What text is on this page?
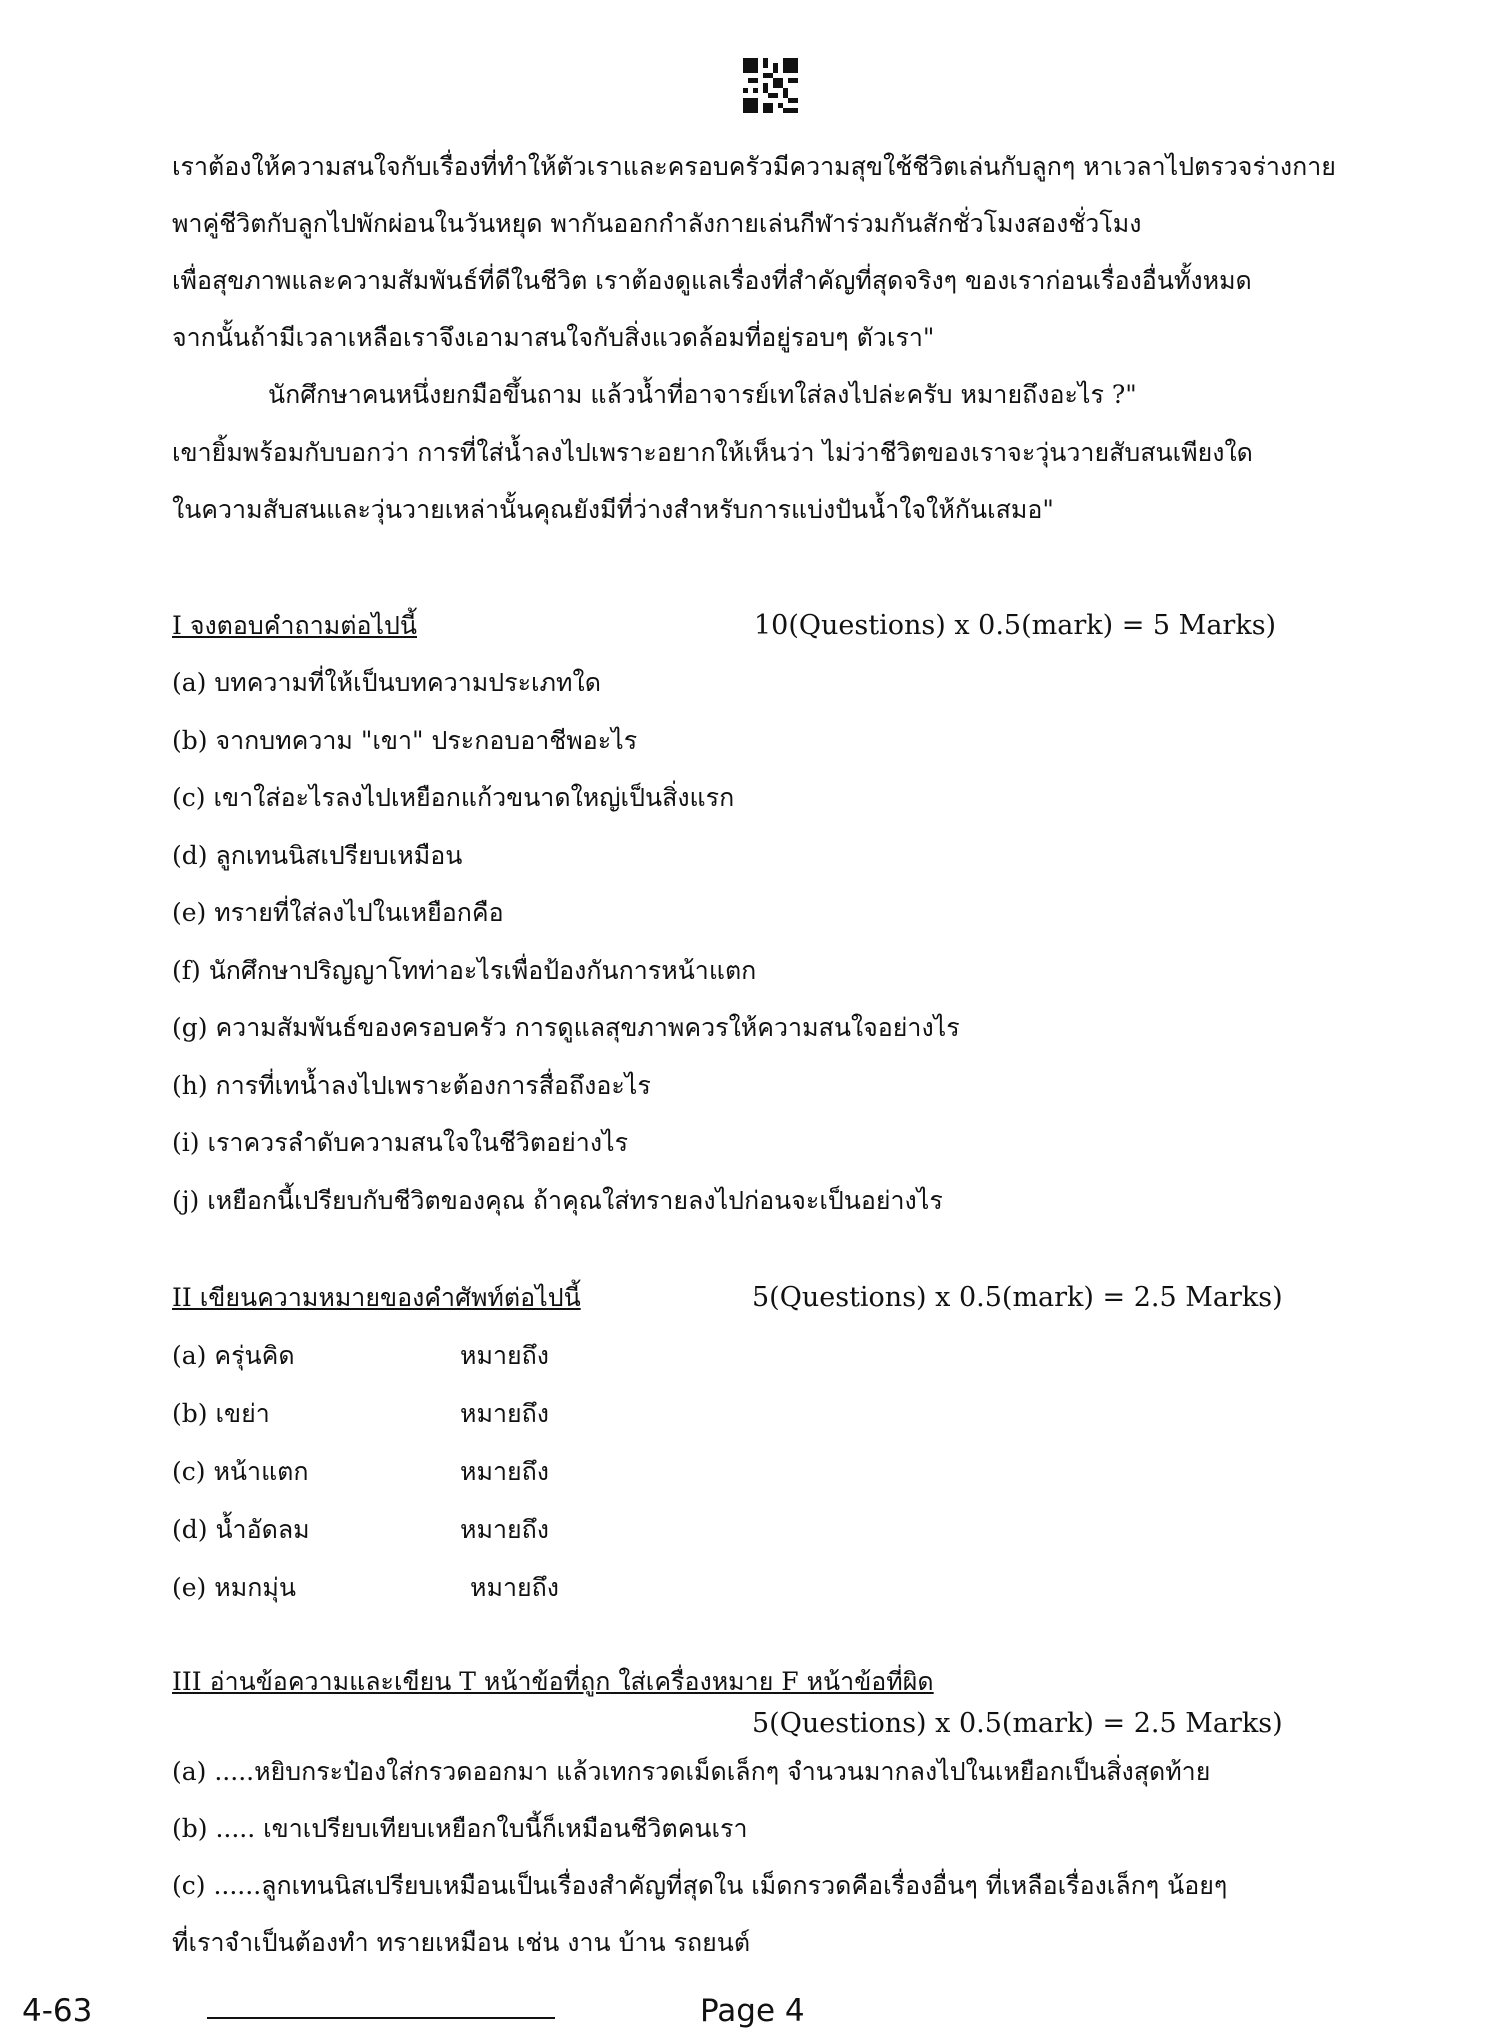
เราต้องให้ความสนใจกับเรื่องที่ทำให้ตัวเราและครอบครัวมีความสุขใช้ชีวิตเล่นกับลูกๆ หาเวลาไปตรวจร่างกาย
พาคู่ชีวิตกับลูกไปพักผ่อนในวันหยุด พากันออกกำลังกายเล่นกีฬาร่วมกันสักชั่วโมงสองชั่วโมง
เพื่อสุขภาพและความสัมพันธ์ที่ดีในชีวิต เราต้องดูแลเรื่องที่สำคัญที่สุดจริงๆ ของเราก่อนเรื่องอื่นทั้งหมด
จากนั้นถ้ามีเวลาเหลือเราจึงเอามาสนใจกับสิ่งแวดล้อมที่อยู่รอบๆ ตัวเรา"
นักศึกษาคนหนึ่งยกมือขึ้นถาม แล้วน้ำที่อาจารย์เทใส่ลงไปล่ะครับ หมายถึงอะไร ?"
เขายิ้มพร้อมกับบอกว่า การที่ใส่น้ำลงไปเพราะอยากให้เห็นว่า ไม่ว่าชีวิตของเราจะวุ่นวายสับสนเพียงใด
ในความสับสนและวุ่นวายเหล่านั้นคุณยังมีที่ว่างสำหรับการแบ่งปันน้ำใจให้กันเสมอ"
I จงตอบคำถามต่อไปนี้	10(Questions) x 0.5(mark) = 5 Marks)
(a) บทความที่ให้เป็นบทความประเภทใด
(b) จากบทความ "เขา" ประกอบอาชีพอะไร
(c) เขาใส่อะไรลงไปเหยือกแก้วขนาดใหญ่เป็นสิ่งแรก
(d) ลูกเทนนิสเปรียบเหมือน
(e) ทรายที่ใส่ลงไปในเหยือกคือ
(f) นักศึกษาปริญญาโทท่าอะไรเพื่อป้องกันการหน้าแตก
(g) ความสัมพันธ์ของครอบครัว การดูแลสุขภาพควรให้ความสนใจอย่างไร
(h) การที่เทน้ำลงไปเพราะต้องการสื่อถึงอะไร
(i) เราควรลำดับความสนใจในชีวิตอย่างไร
(j) เหยือกนี้เปรียบกับชีวิตของคุณ ถ้าคุณใส่ทรายลงไปก่อนจะเป็นอย่างไร
II เขียนความหมายของคำศัพท์ต่อไปนี้	5(Questions) x 0.5(mark) = 2.5 Marks)
(a) ครุ่นคิด	หมายถึง
(b) เขย่า	หมายถึง
(c) หน้าแตก	หมายถึง
(d) น้ำอัดลม	หมายถึง
(e) หมกมุ่น	หมายถึง
III อ่านข้อความและเขียน T หน้าข้อที่ถูก ใส่เครื่องหมาย F หน้าข้อที่ผิด
5(Questions) x 0.5(mark) = 2.5 Marks)
(a) .....หยิบกระป๋องใส่กรวดออกมา แล้วเทกรวดเม็ดเล็กๆ จำนวนมากลงไปในเหยือกเป็นสิ่งสุดท้าย
(b) ..... เขาเปรียบเทียบเหยือกใบนี้ก็เหมือนชีวิตคนเรา
(c) ......ลูกเทนนิสเปรียบเหมือนเป็นเรื่องสำคัญที่สุดใน เม็ดกรวดคือเรื่องอื่นๆ ที่เหลือเรื่องเล็กๆ น้อยๆ
ที่เราจำเป็นต้องทำ ทรายเหมือน เช่น งาน บ้าน รถยนต์
4-63	Page 4
